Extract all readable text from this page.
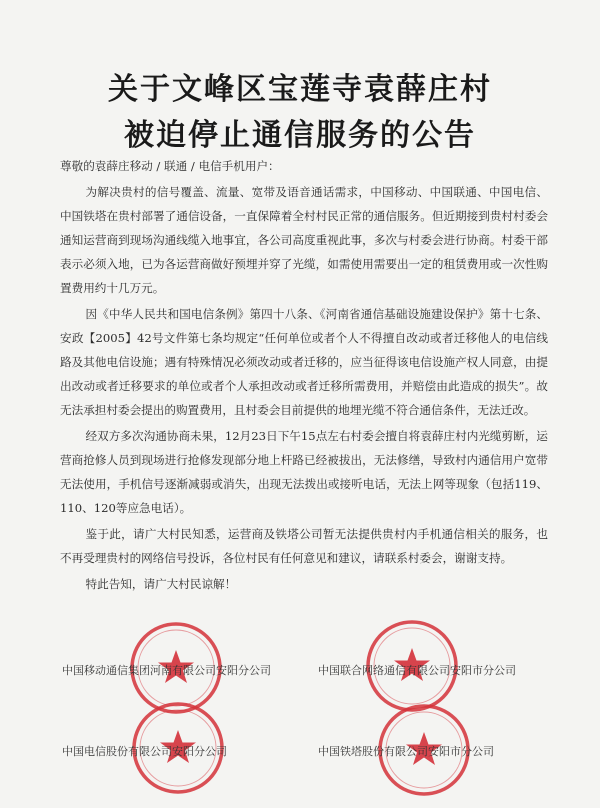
关于文峰区宝莲寺袁薛庄村
被迫停止通信服务的公告

尊敬的袁薛庄移动 / 联通 / 电信手机用户：

为解决贵村的信号覆盖、流量、宽带及语音通话需求，中国移动、中国联通、中国电信、中国铁塔在贵村部署了通信设备，一直保障着全村村民正常的通信服务。但近期接到贵村村委会通知运营商到现场沟通线缆入地事宜，各公司高度重视此事，多次与村委会进行协商。村委干部表示必须入地，已为各运营商做好预埋并穿了光缆，如需使用需要出一定的租赁费用或一次性购置费用约十几万元。

因《中华人民共和国电信条例》第四十八条、《河南省通信基础设施建设保护》第十七条、安政【2005】42号文件第七条均规定“任何单位或者个人不得擅自改动或者迁移他人的电信线路及其他电信设施；遇有特殊情况必须改动或者迁移的，应当征得该电信设施产权人同意，由提出改动或者迁移要求的单位或者个人承担改动或者迁移所需费用，并赔偿由此造成的损失”。故无法承担村委会提出的购置费用，且村委会目前提供的地埋光缆不符合通信条件，无法迁改。

经双方多次沟通协商未果，12月23日下午15点左右村委会擅自将袁薛庄村内光缆剪断，运营商抢修人员到现场进行抢修发现部分地上杆路已经被拔出，无法修缮，导致村内通信用户宽带无法使用，手机信号逐渐减弱或消失，出现无法拨出或接听电话，无法上网等现象（包括119、110、120等应急电话）。

鉴于此，请广大村民知悉，运营商及铁塔公司暂无法提供贵村内手机通信相关的服务，也不再受理贵村的网络信号投诉，各位村民有任何意见和建议，请联系村委会，谢谢支持。

特此告知，请广大村民谅解！

中国移动通信集团河南有限公司安阳分公司	中国联合网络通信有限公司安阳市分公司
中国电信股份有限公司安阳分公司	中国铁塔股份有限公司安阳市分公司
